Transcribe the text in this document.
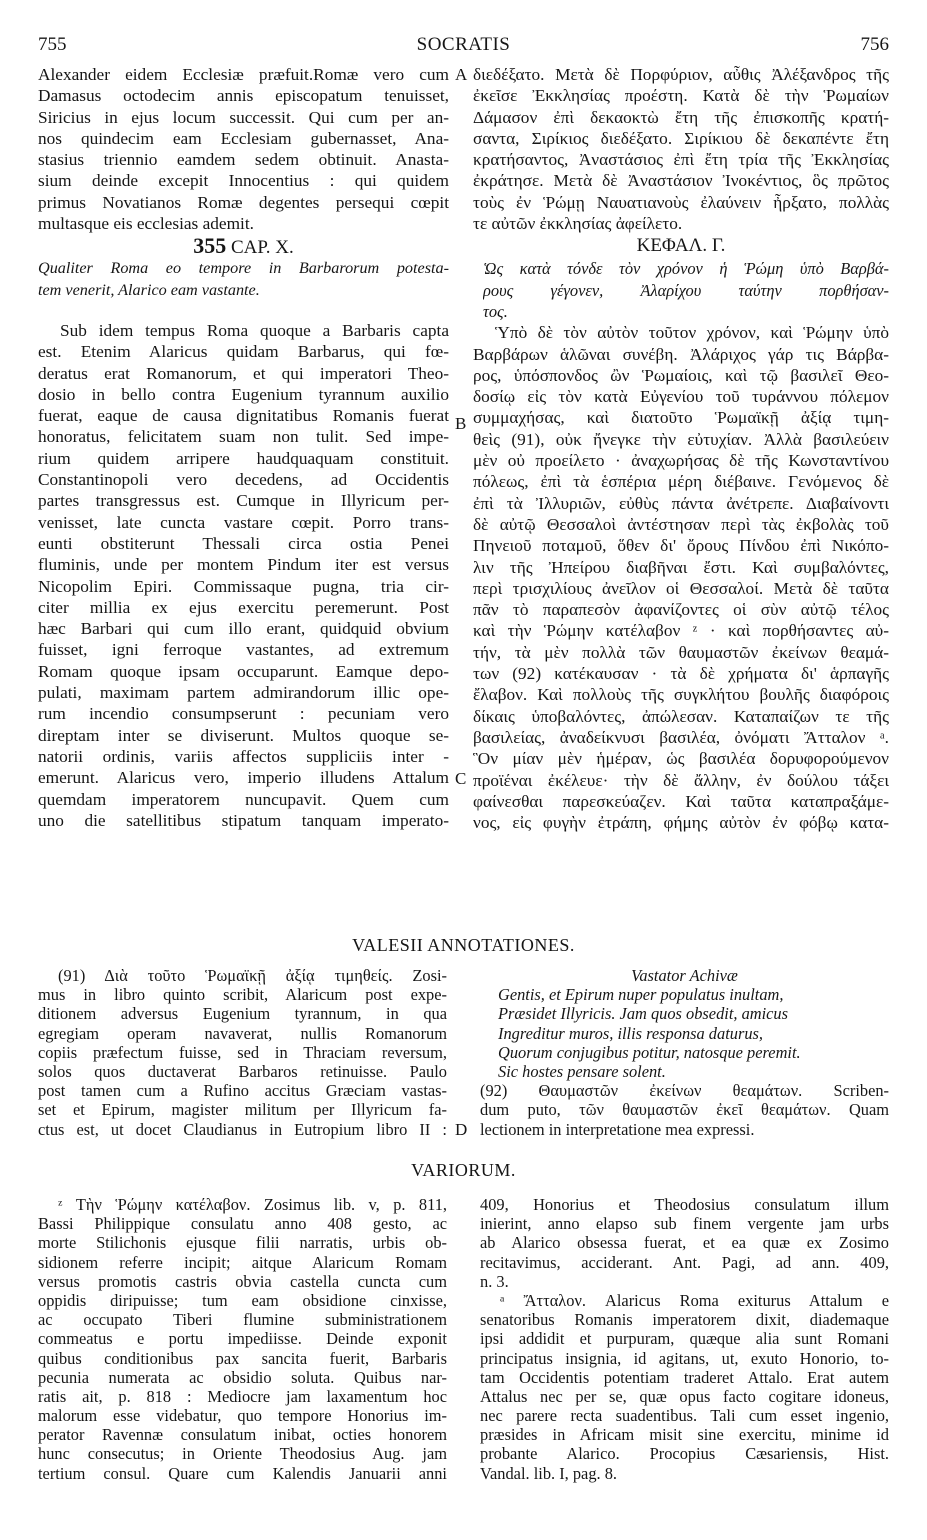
755	SOCRATIS	756
Alexander eidem Ecclesiæ præfuit.Romæ vero cum
Damasus octodecim annis episcopatum tenuisset,
Siricius in ejus locum successit. Qui cum per an-
nos quindecim eam Ecclesiam gubernasset, Ana-
stasius triennio eamdem sedem obtinuit. Anasta-
sium deinde excepit Innocentius : qui quidem
primus Novatianos Romæ degentes persequi cœpit
multasque eis ecclesias ademit.
355 CAP. X.
Qualiter Roma eo tempore in Barbarorum potesta-
tem venerit, Alarico eam vastante.
Sub idem tempus Roma quoque a Barbaris capta
est. Etenim Alaricus quidam Barbarus, qui fœ-
deratus erat Romanorum, et qui imperatori Theo-
dosio in bello contra Eugenium tyrannum auxilio
fuerat, eaque de causa dignitatibus Romanis fuerat
honoratus, felicitatem suam non tulit. Sed impe-
rium quidem arripere haudquaquam constituit.
Constantinopoli vero decedens, ad Occidentis
partes transgressus est. Cumque in Illyricum per-
venisset, late cuncta vastare cœpit. Porro trans-
euntі obstiterunt Thessali circa ostia Penei
fluminis, unde per montem Pindum iter est versus
Nicopolim Epiri. Commissaque pugna, tria cir-
citer millia ex ejus exercitu peremerunt. Post
hæc Barbari qui cum illo erant, quidquid obvium
fuisset, igni ferroque vastantes, ad extremum
Romam quoque ipsam occuparunt. Eamque depo-
pulati, maximam partem admirandorum illic ope-
rum incendio consumpserunt : pecuniam vero
direptam inter se diviserunt. Multos quoque se-
natorii ordinis, variis affectos suppliciis inter -
emerunt. Alaricus vero, imperio illudens Attalum
quemdam imperatorem nuncupavit. Quem cum
uno die satellitibus stipatum tanquam imperato-
διεδέξατο. Μετὰ δὲ Πορφύριον, αὖθις Ἀλέξανδρος τῆς
ἐκεῖσε Ἐκκλησίας προέστη. Κατὰ δὲ τὴν Ῥωμαίων
Δάμασον ἐπὶ δεκαοκτὼ ἔτη τῆς ἐπισκοπῆς κρατή-
σαντα, Σιρίκιος διεδέξατο. Σιρίκιου δὲ δεκαπέντε ἔτη
κρατήσαντος, Ἀναστάσιος ἐπὶ ἔτη τρία τῆς Ἐκκλησίας
ἐκράτησε. Μετὰ δὲ Ἀναστάσιον Ἰνοκέντιος, ὃς πρῶτος
τοὺς ἐν Ῥώμῃ Ναυατιανοὺς ἐλαύνειν ἦρξατο, πολλὰς
τε αὐτῶν ἐκκλησίας ἀφείλετο.
ΚΕΦΑΛ. Γ.
Ὡς κατὰ τόνδε τὸν χρόνον ἡ Ῥώμη ὑπὸ Βαρβά-
ρους γέγονεν, Ἀλαρίχου ταύτην πορθήσαν-
τος.
Ὑπὸ δὲ τὸν αὐτὸν τοῦτον χρόνον, καὶ Ῥώμην ὑπὸ
Βαρβάρων ἁλῶναι συνέβη. Ἀλάριχος γάρ τις Βάρβα-
ρος, ὑπόσπονδος ὢν Ῥωμαίοις, καὶ τῷ βασιλεῖ Θεο-
δοσίῳ εἰς τὸν κατὰ Εὐγενίου τοῦ τυράννου πόλεμον
συμμαχήσας, καὶ διατοῦτο Ῥωμαϊκῇ ἀξίᾳ τιμη-
θεὶς (91), οὐκ ἤνεγκε τὴν εὐτυχίαν. Ἀλλὰ βασιλεύειν
μὲν οὐ προείλετο · ἀναχωρήσας δὲ τῆς Κωνσταντίνου
πόλεως, ἐπὶ τὰ ἑσπέρια μέρη διέβαινε. Γενόμενος δὲ
ἐπὶ τὰ Ἰλλυριῶν, εὐθὺς πάντα ἀνέτρεπε. Διαβαίνοντι
δὲ αὐτῷ Θεσσαλοὶ ἀντέστησαν περὶ τὰς ἐκβολὰς τοῦ
Πηνειοῦ ποταμοῦ, ὅθεν δι' ὄρους Πίνδου ἐπὶ Νικόπο-
λιν τῆς Ἠπείρου διαβῆναι ἔστι. Καὶ συμβαλόντες,
περὶ τρισχιλίους ἀνεῖλον οἱ Θεσσαλοί. Μετὰ δὲ ταῦτα
πᾶν τὸ παραπεσὸν ἀφανίζοντες οἱ σὺν αὐτῷ τέλος
καὶ τὴν Ῥώμην κατέλαβον ᶻ · καὶ πορθήσαντες αὐ-
τήν, τὰ μὲν πολλὰ τῶν θαυμαστῶν ἐκείνων θεαμά-
των (92) κατέκαυσαν · τὰ δὲ χρήματα δι' ἁρπαγῆς
ἔλαβον. Καὶ πολλοὺς τῆς συγκλήτου βουλῆς διαφόροις
δίκαις ὑποβαλόντες, ἀπώλεσαν. Καταπαίζων τε τῆς
βασιλείας, ἀναδείκνυσι βασιλέα, ὀνόματι Ἄτταλον ᵃ.
Ὃν μίαν μὲν ἡμέραν, ὡς βασιλέα δορυφορούμενον
προϊέναι ἐκέλευε· τὴν δὲ ἄλλην, ἐν δούλου τάξει
φαίνεσθαι παρεσκεύαζεν. Καὶ ταῦτα καταπραξάμε-
νος, εἰς φυγὴν ἐτράπη, φήμης αὐτὸν ἐν φόβῳ κατα-
A
B
C
D
VALESII ANNOTATIONES.
(91) Διὰ τοῦτο Ῥωμαϊκῇ ἀξίᾳ τιμηθείς. Zosi-
mus in libro quinto scribit, Alaricum post expe-
ditionem adversus Eugenium tyrannum, in qua
egregiam operam navaverat, nullis Romanorum
copiis præfectum fuisse, sed in Thraciam reversum,
solos quos ductaverat Barbaros retinuisse. Paulo
post tamen cum a Rufino accitus Græciam vastas-
set et Epirum, magister militum per Illyricum fa-
ctus est, ut docet Claudianus in Eutropium libro II :
Vastator Achivæ
Gentis, et Epirum nuper populatus inultam,
Præsidet Illyricis. Jam quos obsedit, amicus
Ingreditur muros, illis responsa daturus,
Quorum conjugibus potitur, natosque peremit.
Sic hostes pensare solent.
(92) Θαυμαστῶν ἐκείνων θεαμάτων. Scriben-
dum puto, τῶν θαυμαστῶν ἐκεῖ θεαμάτων. Quam
lectionem in interpretatione mea expressi.
VARIORUM.
ᶻ Τὴν Ῥώμην κατέλαβον. Zosimus lib. v, p. 811,
Bassi Philippique consulatu anno 408 gesto, ac
morte Stilichonis ejusque filii narratis, urbis ob-
sidionem referre incipit; aitque Alaricum Romam
versus promotis castris obvia castella cuncta cum
oppidis diripuisse; tum eam obsidione cinxisse,
ac occupato Tiberi flumine subministrationem
commeatus e portu impediisse. Deinde exponit
quibus conditionibus pax sancita fuerit, Barbaris
pecunia numerata ac obsidio soluta. Quibus nar-
ratis ait, p. 818 : Mediocre jam laxamentum hoc
malorum esse videbatur, quo tempore Honorius im-
perator Ravennæ consulatum inibat, octies honorem
hunc consecutus; in Oriente Theodosius Aug. jam
tertium consul. Quare cum Kalendis Januarii anni
409, Honorius et Theodosius consulatum illum
inierint, anno elapso sub finem vergente jam urbs
ab Alarico obsessa fuerat, et ea quæ ex Zosimo
recitavimus, acciderant. Ant. Pagi, ad ann. 409,
n. 3.
ᵃ Ἄτταλον. Alaricus Roma exiturus Attalum e
senatoribus Romanis imperatorem dixit, diademaque
ipsi addidit et purpuram, quæque alia sunt Romani
principatus insignia, id agitans, ut, exuto Honorio, to-
tam Occidentis potentiam traderet Attalo. Erat autem
Attalus nec per se, quæ opus facto cogitare idoneus,
nec parere recta suadentibus. Tali cum esset ingenio,
præsides in Africam misit sine exercitu, minime id
probante Alarico. Procopius Cæsariensis, Hist.
Vandal. lib. I, pag. 8.
